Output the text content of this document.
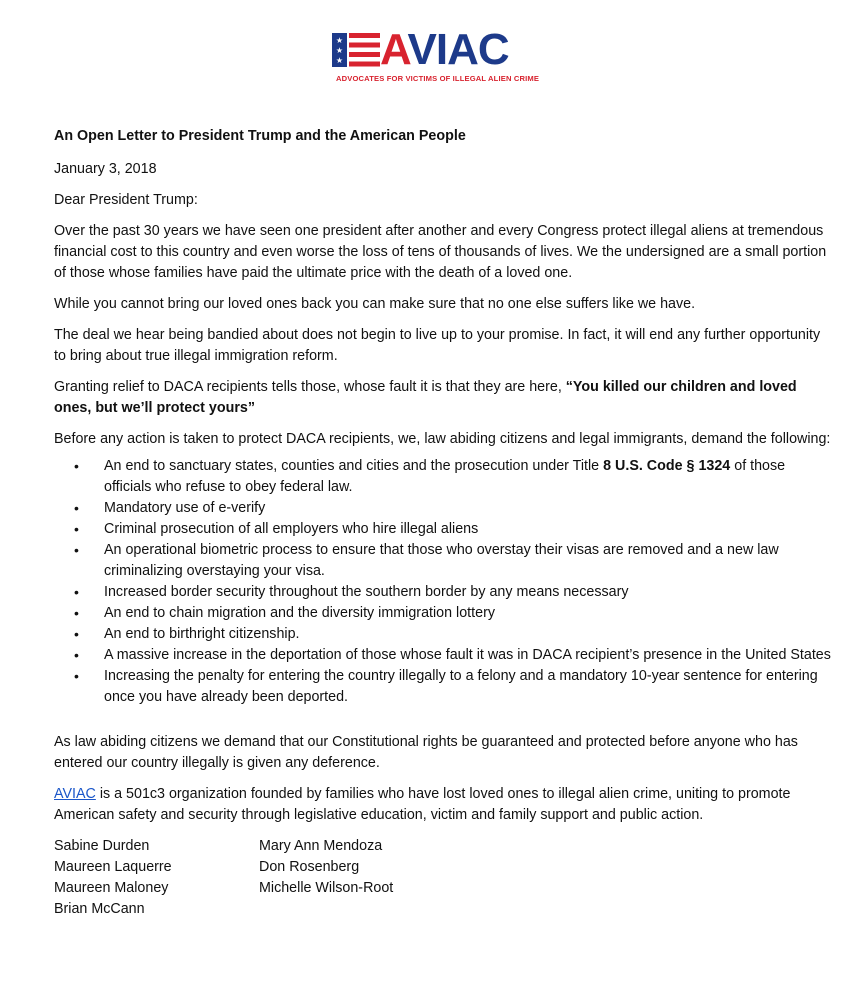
★
★
★ AVIAC
ADVOCATES FOR VICTIMS OF ILLEGAL ALIEN CRIME

An Open Letter to President Trump and the American People

January 3, 2018

Dear President Trump:

Over the past 30 years we have seen one president after another and every Congress protect illegal aliens at tremendous financial cost to this country and even worse the loss of tens of thousands of lives. We the undersigned are a small portion of those whose families have paid the ultimate price with the death of a loved one.

While you cannot bring our loved ones back you can make sure that no one else suffers like we have.

The deal we hear being bandied about does not begin to live up to your promise. In fact, it will end any further opportunity to bring about true illegal immigration reform.

Granting relief to DACA recipients tells those, whose fault it is that they are here, “You killed our children and loved ones, but we’ll protect yours”

Before any action is taken to protect DACA recipients, we, law abiding citizens and legal immigrants, demand the following:

• An end to sanctuary states, counties and cities and the prosecution under Title 8 U.S. Code § 1324 of those officials who refuse to obey federal law.
• Mandatory use of e-verify
• Criminal prosecution of all employers who hire illegal aliens
• An operational biometric process to ensure that those who overstay their visas are removed and a new law criminalizing overstaying your visa.
• Increased border security throughout the southern border by any means necessary
• An end to chain migration and the diversity immigration lottery
• An end to birthright citizenship.
• A massive increase in the deportation of those whose fault it was in DACA recipient’s presence in the United States
• Increasing the penalty for entering the country illegally to a felony and a mandatory 10-year sentence for entering once you have already been deported.

As law abiding citizens we demand that our Constitutional rights be guaranteed and protected before anyone who has entered our country illegally is given any deference.

AVIAC is a 501c3 organization founded by families who have lost loved ones to illegal alien crime, uniting to promote American safety and security through legislative education, victim and family support and public action.

Sabine Durden
Maureen Laquerre
Maureen Maloney
Brian McCann
Mary Ann Mendoza
Don Rosenberg
Michelle Wilson-Root
